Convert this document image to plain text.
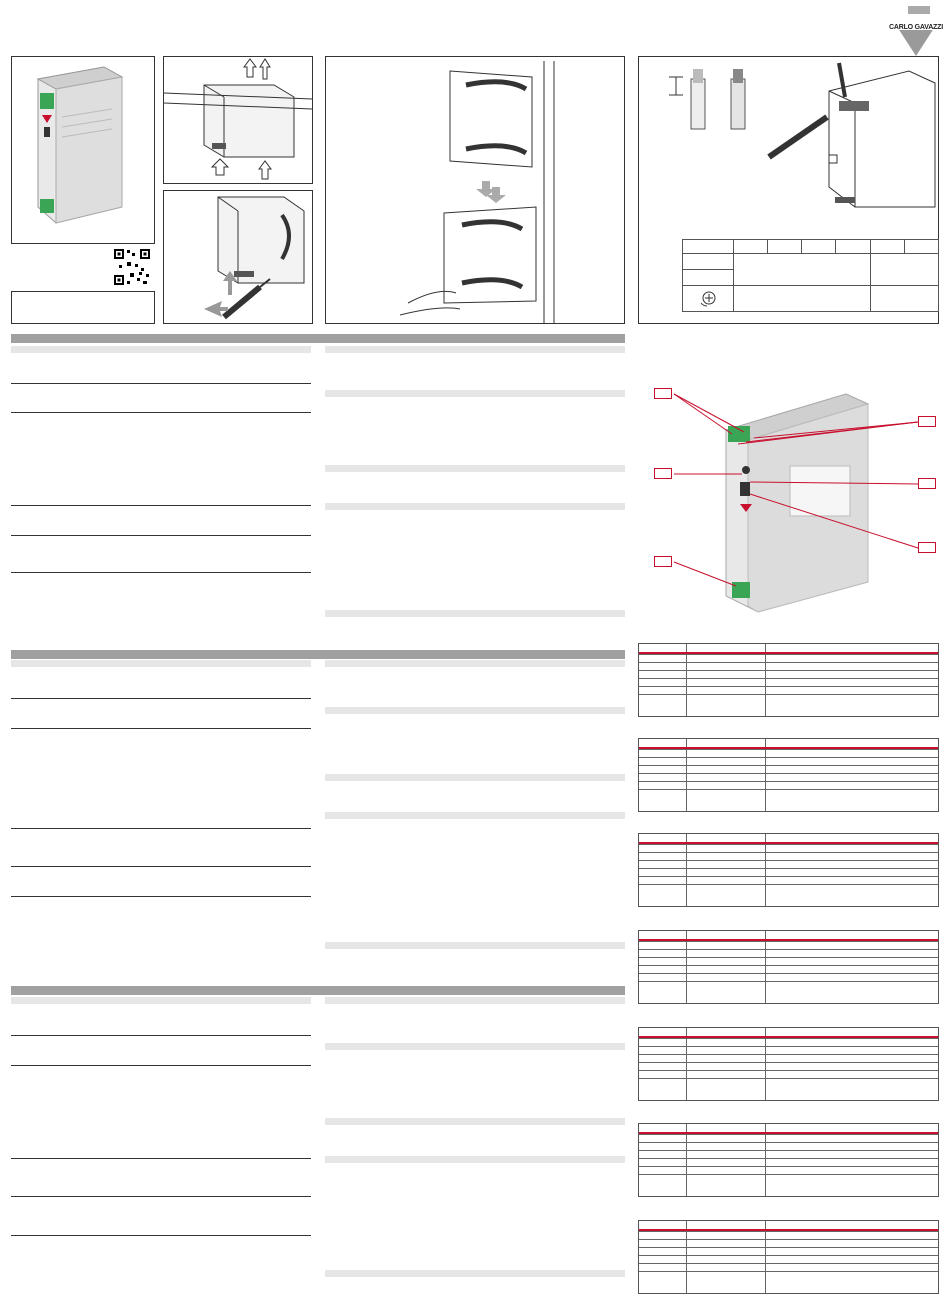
CARLO GAVAZZI
